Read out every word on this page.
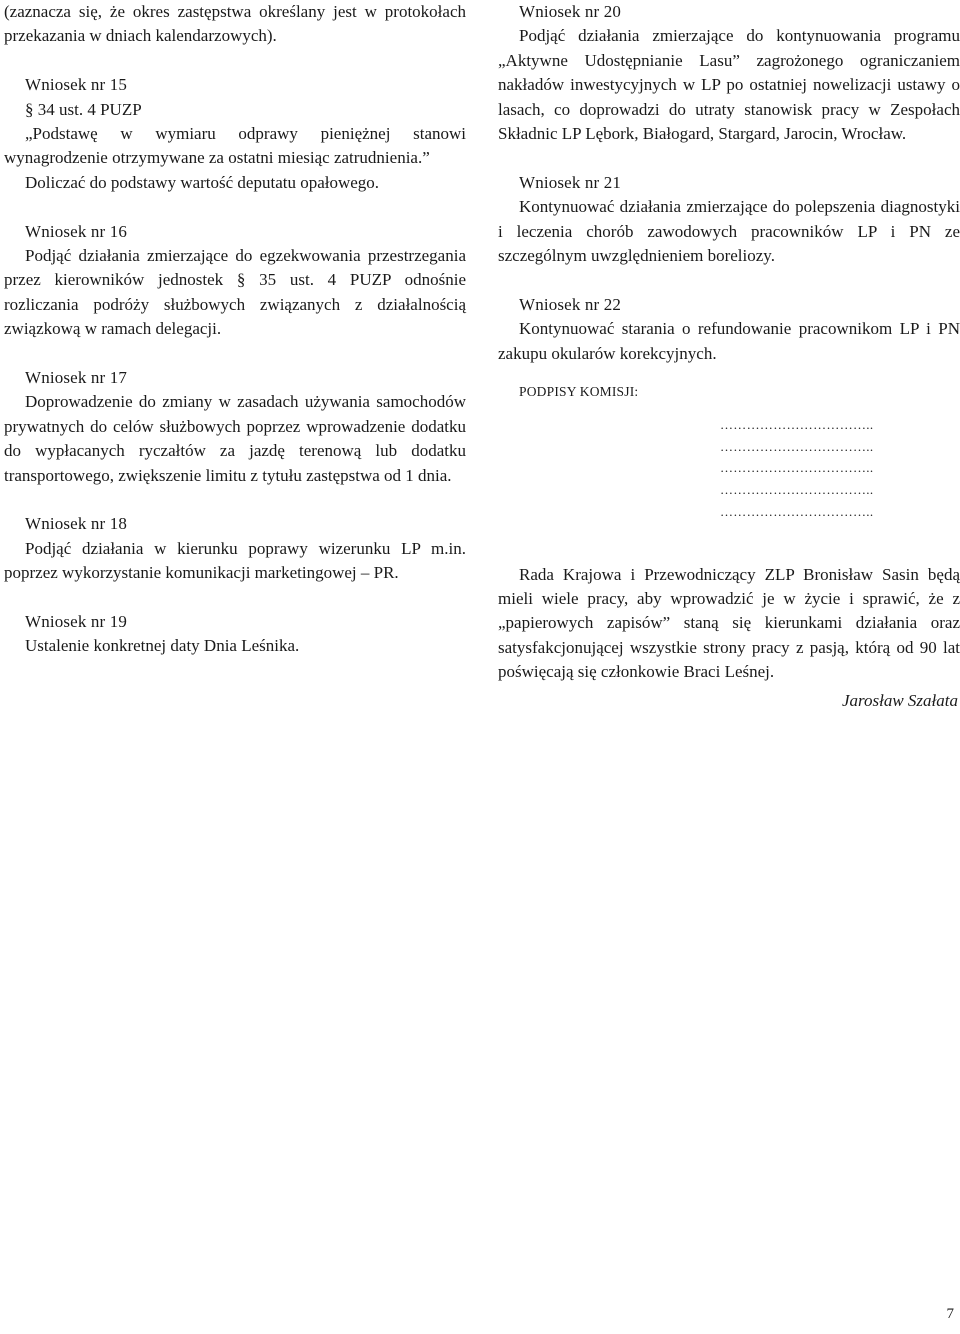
(zaznacza się, że okres zastępstwa określany jest w protokołach przekazania w dniach kalendarzowych).

Wniosek nr 15

§ 34 ust. 4 PUZP

„Podstawę w wymiaru odprawy pieniężnej stanowi wynagrodzenie otrzymywane za ostatni miesiąc zatrudnienia.”

Doliczać do podstawy wartość deputatu opałowego.

Wniosek nr 16

Podjąć działania zmierzające do egzekwowania przestrzegania przez kierowników jednostek § 35 ust. 4 PUZP odnośnie rozliczania podróży służbowych związanych z działalnością związkową w ramach delegacji.

Wniosek nr 17

Doprowadzenie do zmiany w zasadach używania samochodów prywatnych do celów służbowych poprzez wprowadzenie dodatku do wypłacanych ryczałtów za jazdę terenową lub dodatku transportowego, zwiększenie limitu z tytułu zastępstwa od 1 dnia.

Wniosek nr 18

Podjąć działania w kierunku poprawy wizerunku LP m.in. poprzez wykorzystanie komunikacji marketingowej – PR.

Wniosek nr 19

Ustalenie konkretnej daty Dnia Leśnika.

Wniosek nr 20

Podjąć działania zmierzające do kontynuowania programu „Aktywne Udostępnianie Lasu” zagrożonego ograniczaniem nakładów inwestycyjnych w LP po ostatniej nowelizacji ustawy o lasach, co doprowadzi do utraty stanowisk pracy w Zespołach Składnic LP Lębork, Białogard, Stargard, Jarocin, Wrocław.

Wniosek nr 21

Kontynuować działania zmierzające do polepszenia diagnostyki i leczenia chorób zawodowych pracowników LP i PN ze szczególnym uwzględnieniem boreliozy.

Wniosek nr 22

Kontynuować starania o refundowanie pracownikom LP i PN zakupu okularów korekcyjnych.

PODPISY KOMISJI:
……………………………..
……………………………..
……………………………..
……………………………..
……………………………..

Rada Krajowa i Przewodniczący ZLP Bronisław Sasin będą mieli wiele pracy, aby wprowadzić je w życie i sprawić, że z „papierowych zapisów” staną się kierunkami działania oraz satysfakcjonującej wszystkie strony pracy z pasją, którą od 90 lat poświęcają się członkowie Braci Leśnej.

Jarosław Szałata

7
